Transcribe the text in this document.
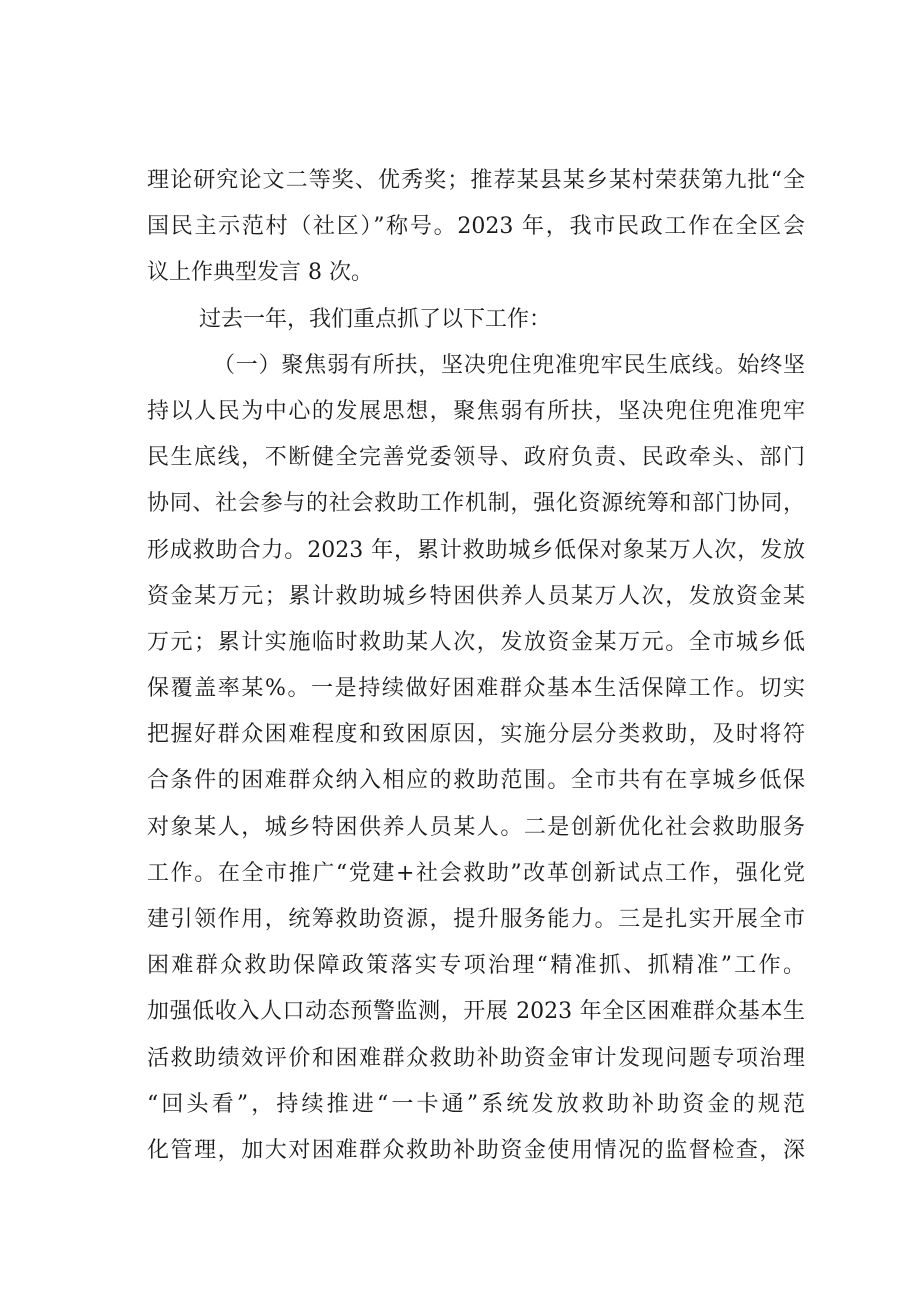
理论研究论文二等奖、优秀奖；推荐某县某乡某村荣获第九批“全
国民主示范村（社区）”称号。2023 年，我市民政工作在全区会
议上作典型发言 8 次。
过去一年，我们重点抓了以下工作：
（一）聚焦弱有所扶，坚决兜住兜准兜牢民生底线。始终坚
持以人民为中心的发展思想，聚焦弱有所扶，坚决兜住兜准兜牢
民生底线，不断健全完善党委领导、政府负责、民政牵头、部门
协同、社会参与的社会救助工作机制，强化资源统筹和部门协同，
形成救助合力。2023 年，累计救助城乡低保对象某万人次，发放
资金某万元；累计救助城乡特困供养人员某万人次，发放资金某
万元；累计实施临时救助某人次，发放资金某万元。全市城乡低
保覆盖率某%。一是持续做好困难群众基本生活保障工作。切实
把握好群众困难程度和致困原因，实施分层分类救助，及时将符
合条件的困难群众纳入相应的救助范围。全市共有在享城乡低保
对象某人，城乡特困供养人员某人。二是创新优化社会救助服务
工作。在全市推广“党建+社会救助”改革创新试点工作，强化党
建引领作用，统筹救助资源，提升服务能力。三是扎实开展全市
困难群众救助保障政策落实专项治理“精准抓、抓精准”工作。
加强低收入人口动态预警监测，开展 2023 年全区困难群众基本生
活救助绩效评价和困难群众救助补助资金审计发现问题专项治理
“回头看”，持续推进“一卡通”系统发放救助补助资金的规范
化管理，加大对困难群众救助补助资金使用情况的监督检查，深
